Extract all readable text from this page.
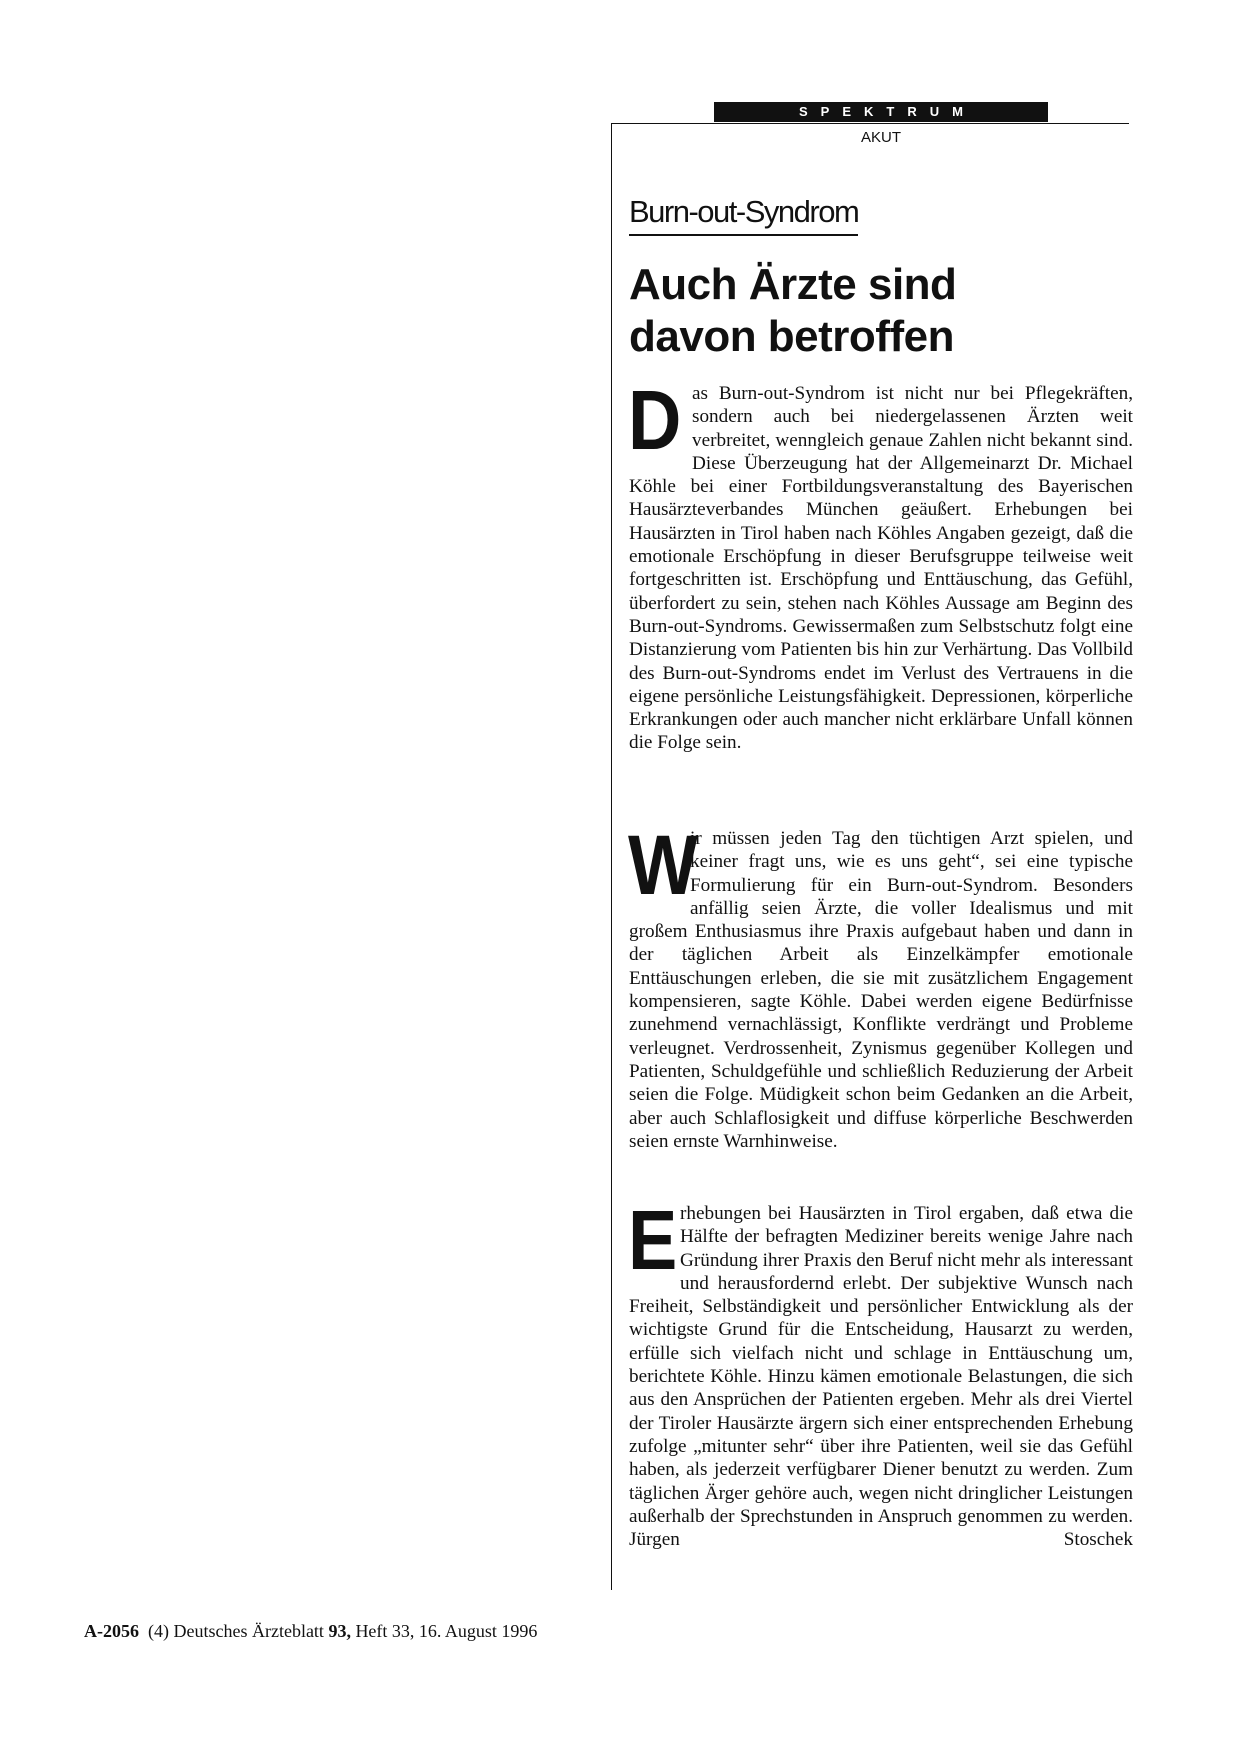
SPEKTRUM
AKUT
Burn-out-Syndrom
Auch Ärzte sind
davon betroffen

Das Burn-out-Syndrom ist nicht nur bei Pflegekräften, sondern auch bei niedergelassenen Ärzten weit verbreitet, wenngleich genaue Zahlen nicht bekannt sind. Diese Überzeugung hat der Allgemeinarzt Dr. Michael Köhle bei einer Fortbildungsveranstaltung des Bayerischen Hausärzteverbandes München geäußert. Erhebungen bei Hausärzten in Tirol haben nach Köhles Angaben gezeigt, daß die emotionale Erschöpfung in dieser Berufsgruppe teilweise weit fortgeschritten ist. Erschöpfung und Enttäuschung, das Gefühl, überfordert zu sein, stehen nach Köhles Aussage am Beginn des Burn-out-Syndroms. Gewissermaßen zum Selbstschutz folgt eine Distanzierung vom Patienten bis hin zur Verhärtung. Das Vollbild des Burn-out-Syndroms endet im Verlust des Vertrauens in die eigene persönliche Leistungsfähigkeit. Depressionen, körperliche Erkrankungen oder auch mancher nicht erklärbare Unfall können die Folge sein.

W
ir müssen jeden Tag den tüchtigen Arzt spielen, und keiner fragt uns, wie es uns geht“, sei eine typische Formulierung für ein Burn-out-Syndrom. Besonders anfällig seien Ärzte, die voller Idealismus und mit großem Enthusiasmus ihre Praxis aufgebaut haben und dann in der täglichen Arbeit als Einzelkämpfer emotionale Enttäuschungen erleben, die sie mit zusätzlichem Engagement kompensieren, sagte Köhle. Dabei werden eigene Bedürfnisse zunehmend vernachlässigt, Konflikte verdrängt und Probleme verleugnet. Verdrossenheit, Zynismus gegenüber Kollegen und Patienten, Schuldgefühle und schließlich Reduzierung der Arbeit seien die Folge. Müdigkeit schon beim Gedanken an die Arbeit, aber auch Schlaflosigkeit und diffuse körperliche Beschwerden seien ernste Warnhinweise.

Erhebungen bei Hausärzten in Tirol ergaben, daß etwa die Hälfte der befragten Mediziner bereits wenige Jahre nach Gründung ihrer Praxis den Beruf nicht mehr als interessant und herausfordernd erlebt. Der subjektive Wunsch nach Freiheit, Selbständigkeit und persönlicher Entwicklung als der wichtigste Grund für die Entscheidung, Hausarzt zu werden, erfülle sich vielfach nicht und schlage in Enttäuschung um, berichtete Köhle. Hinzu kämen emotionale Belastungen, die sich aus den Ansprüchen der Patienten ergeben. Mehr als drei Viertel der Tiroler Hausärzte ärgern sich einer entsprechenden Erhebung zufolge „mitunter sehr“ über ihre Patienten, weil sie das Gefühl haben, als jederzeit verfügbarer Diener benutzt zu werden. Zum täglichen Ärger gehöre auch, wegen nicht dringlicher Leistungen außerhalb der Sprechstunden in Anspruch genommen zu werden. Jürgen Stoschek

A-2056 (4) Deutsches Ärzteblatt 93, Heft 33, 16. August 1996
